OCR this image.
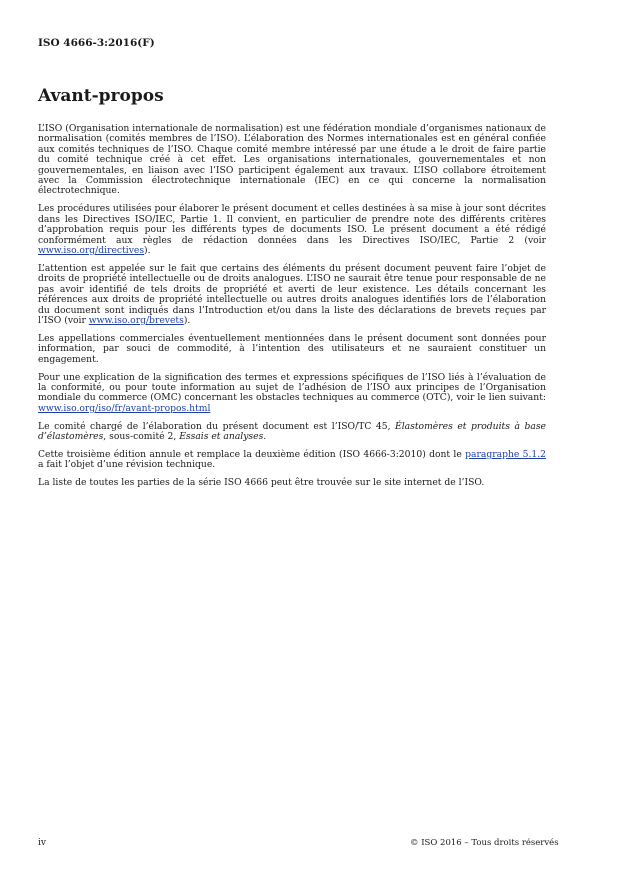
ISO 4666-3:2016(F)
Avant-propos

L’ISO (Organisation internationale de normalisation) est une fédération mondiale d’organismes nationaux de normalisation (comités membres de l’ISO). L’élaboration des Normes internationales est en général confiée aux comités techniques de l’ISO. Chaque comité membre intéressé par une étude a le droit de faire partie du comité technique créé à cet effet. Les organisations internationales, gouvernementales et non gouvernementales, en liaison avec l’ISO participent également aux travaux. L’ISO collabore étroitement avec la Commission électrotechnique internationale (IEC) en ce qui concerne la normalisation électrotechnique.

Les procédures utilisées pour élaborer le présent document et celles destinées à sa mise à jour sont décrites dans les Directives ISO/IEC, Partie 1. Il convient, en particulier de prendre note des différents critères d’approbation requis pour les différents types de documents ISO. Le présent document a été rédigé conformément aux règles de rédaction données dans les Directives ISO/IEC, Partie 2 (voir www.iso.org/directives).

L’attention est appelée sur le fait que certains des éléments du présent document peuvent faire l’objet de droits de propriété intellectuelle ou de droits analogues. L’ISO ne saurait être tenue pour responsable de ne pas avoir identifié de tels droits de propriété et averti de leur existence. Les détails concernant les références aux droits de propriété intellectuelle ou autres droits analogues identifiés lors de l’élaboration du document sont indiqués dans l’Introduction et/ou dans la liste des déclarations de brevets reçues par l’ISO (voir www.iso.org/brevets).

Les appellations commerciales éventuellement mentionnées dans le présent document sont données pour information, par souci de commodité, à l’intention des utilisateurs et ne sauraient constituer un engagement.

Pour une explication de la signification des termes et expressions spécifiques de l’ISO liés à l’évaluation de la conformité, ou pour toute information au sujet de l’adhésion de l’ISO aux principes de l’Organisation mondiale du commerce (OMC) concernant les obstacles techniques au commerce (OTC), voir le lien suivant: www.iso.org/iso/fr/avant-propos.html

Le comité chargé de l’élaboration du présent document est l’ISO/TC 45, Élastomères et produits à base d’élastomères, sous-comité 2, Essais et analyses.

Cette troisième édition annule et remplace la deuxième édition (ISO 4666-3:2010) dont le paragraphe 5.1.2 a fait l’objet d’une révision technique.

La liste de toutes les parties de la série ISO 4666 peut être trouvée sur le site internet de l’ISO.

iv	© ISO 2016 – Tous droits réservés
